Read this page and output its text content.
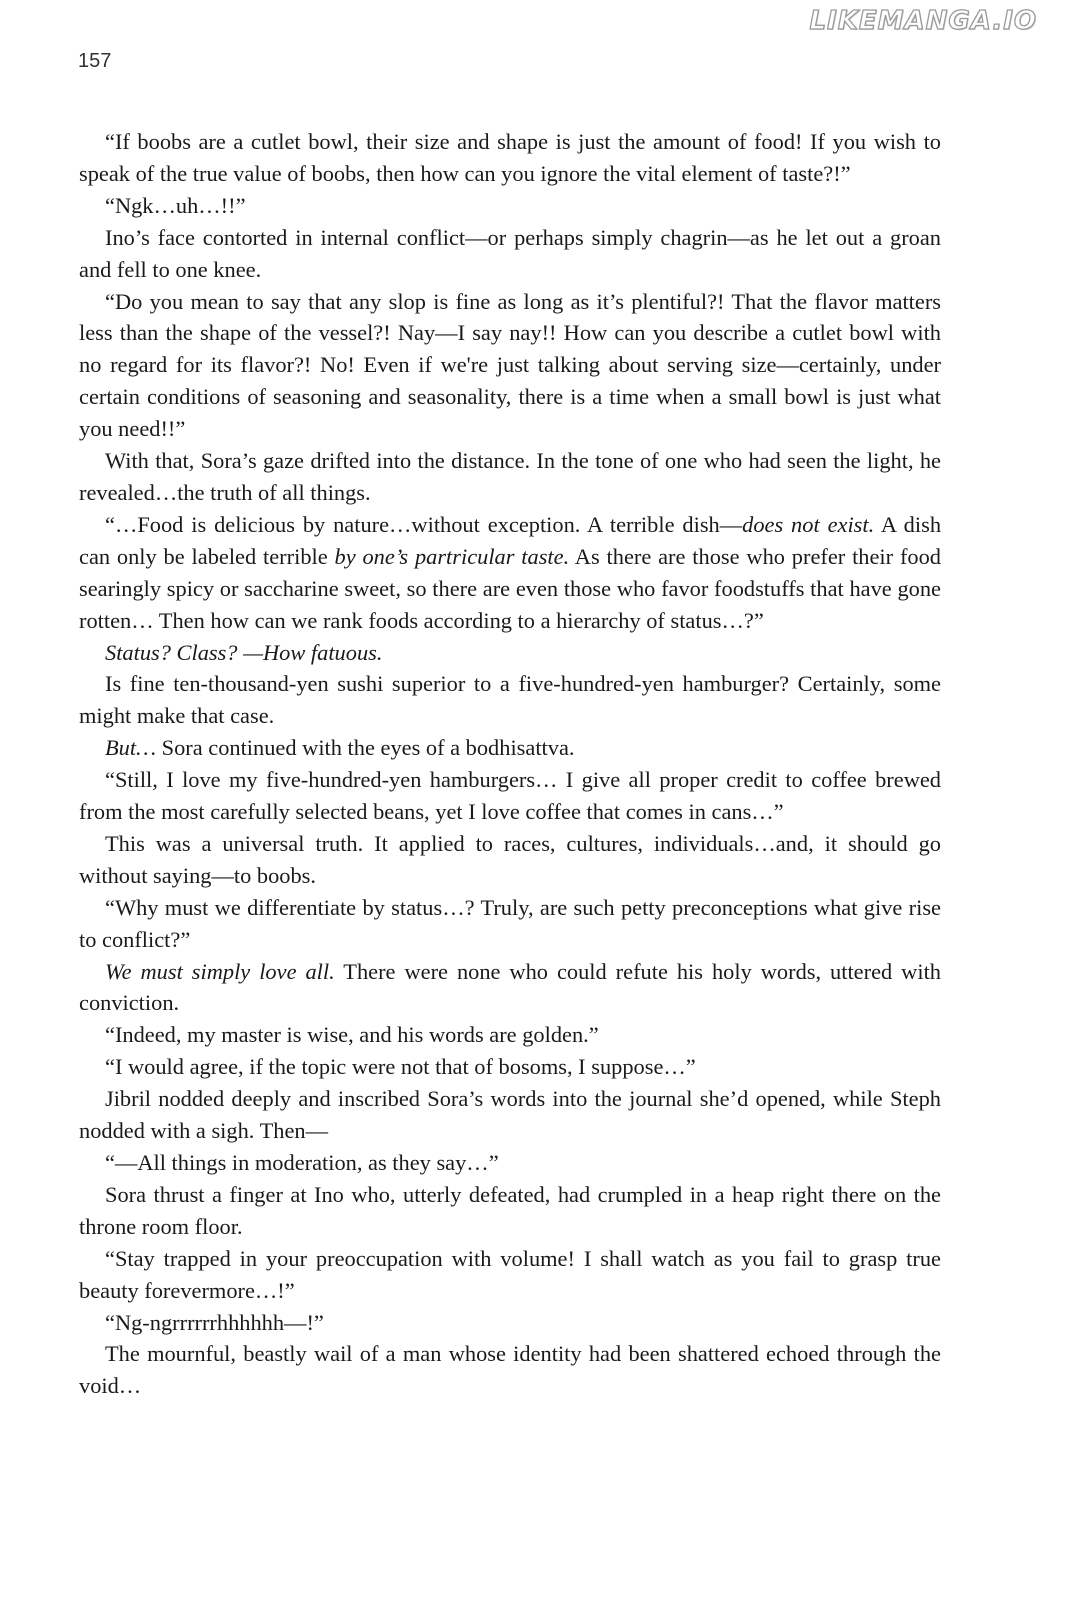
LIKEMANGA.IO
157

“If boobs are a cutlet bowl, their size and shape is just the amount of food! If you wish to speak of the true value of boobs, then how can you ignore the vital element of taste?!”

“Ngk…uh…!!”

Ino’s face contorted in internal conflict—or perhaps simply chagrin—as he let out a groan and fell to one knee.

“Do you mean to say that any slop is fine as long as it’s plentiful?! That the flavor matters less than the shape of the vessel?! Nay—I say nay!! How can you describe a cutlet bowl with no regard for its flavor?! No! Even if we're just talking about serving size—certainly, under certain conditions of seasoning and seasonality, there is a time when a small bowl is just what you need!!”

With that, Sora’s gaze drifted into the distance. In the tone of one who had seen the light, he revealed…the truth of all things.

“…Food is delicious by nature…without exception. A terrible dish—does not exist. A dish can only be labeled terrible by one’s partricular taste. As there are those who prefer their food searingly spicy or saccharine sweet, so there are even those who favor foodstuffs that have gone rotten… Then how can we rank foods according to a hierarchy of status…?”

Status? Class? —How fatuous.

Is fine ten-thousand-yen sushi superior to a five-hundred-yen hamburger? Certainly, some might make that case.

But… Sora continued with the eyes of a bodhisattva.

“Still, I love my five-hundred-yen hamburgers… I give all proper credit to coffee brewed from the most carefully selected beans, yet I love coffee that comes in cans…”

This was a universal truth. It applied to races, cultures, individuals…and, it should go without saying—to boobs.

“Why must we differentiate by status…? Truly, are such petty preconceptions what give rise to conflict?”

We must simply love all. There were none who could refute his holy words, uttered with conviction.

“Indeed, my master is wise, and his words are golden.”

“I would agree, if the topic were not that of bosoms, I suppose…”

Jibril nodded deeply and inscribed Sora’s words into the journal she’d opened, while Steph nodded with a sigh. Then—

“—All things in moderation, as they say…”

Sora thrust a finger at Ino who, utterly defeated, had crumpled in a heap right there on the throne room floor.

“Stay trapped in your preoccupation with volume! I shall watch as you fail to grasp true beauty forevermore…!”

“Ng-ngrrrrrrhhhhhh—!”

The mournful, beastly wail of a man whose identity had been shattered echoed through the void…
